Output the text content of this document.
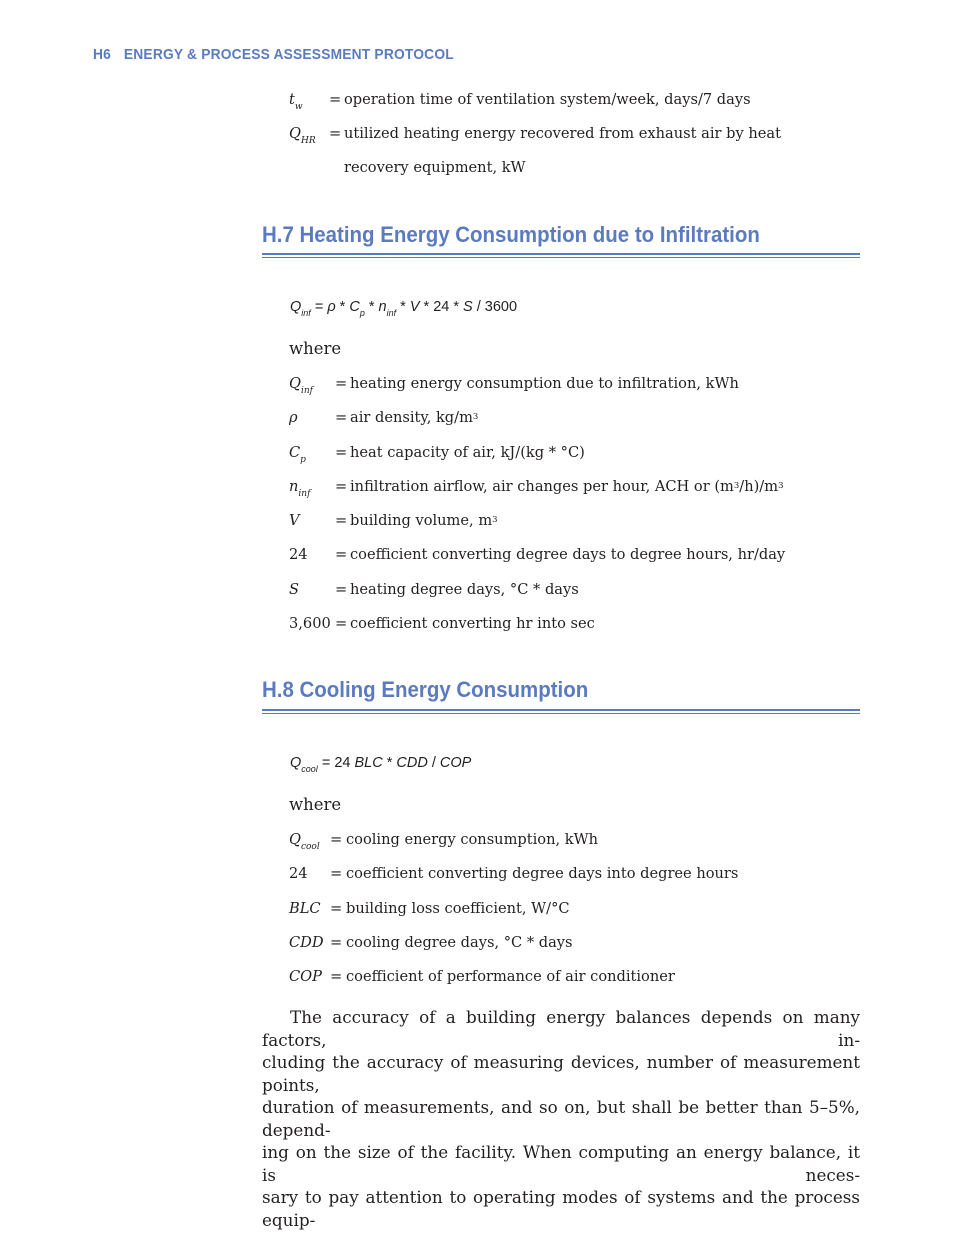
H6 ENERGY & PROCESS ASSESSMENT PROTOCOL
$t_w$ = operation time of ventilation system/week, days/7 days
$Q_{HR}$ = utilized heating energy recovered from exhaust air by heat recovery equipment, kW
H.7 Heating Energy Consumption due to Infiltration
$Q_{inf} = \rho * C_p * n_{inf} * V * 24 * S / 3600$
where
$Q_{inf}$ = heating energy consumption due to infiltration, kWh
ρ	= air density, $kg/m^3$
$C_p$ = heat capacity of air, kJ/(kg * °C)
$n_{inf}$ = infiltration airflow, air changes per hour, ACH or $(m^3/h)/m^3$
V = building volume, $m^3$
24 = coefficient converting degree days to degree hours, hr/day
S = heating degree days, °C * days
3,600 = coefficient converting hr into sec
H.8 Cooling Energy Consumption
$Q_{cool} = 24$ BLC * CDD / COP
where
$Q_{cool}$ = cooling energy consumption, kWh
24 = coefficient converting degree days into degree hours
BLC = building loss coefficient, W/°C
CDD = cooling degree days, °C * days
COP = coefficient of performance of air conditioner
The accuracy of a building energy balances depends on many factors, in-
cluding the accuracy of measuring devices, number of measurement points,
duration of measurements, and so on, but shall be better than 5–5%, depend-
ing on the size of the facility. When computing an energy balance, it is neces-
sary to pay attention to operating modes of systems and the process equip-
